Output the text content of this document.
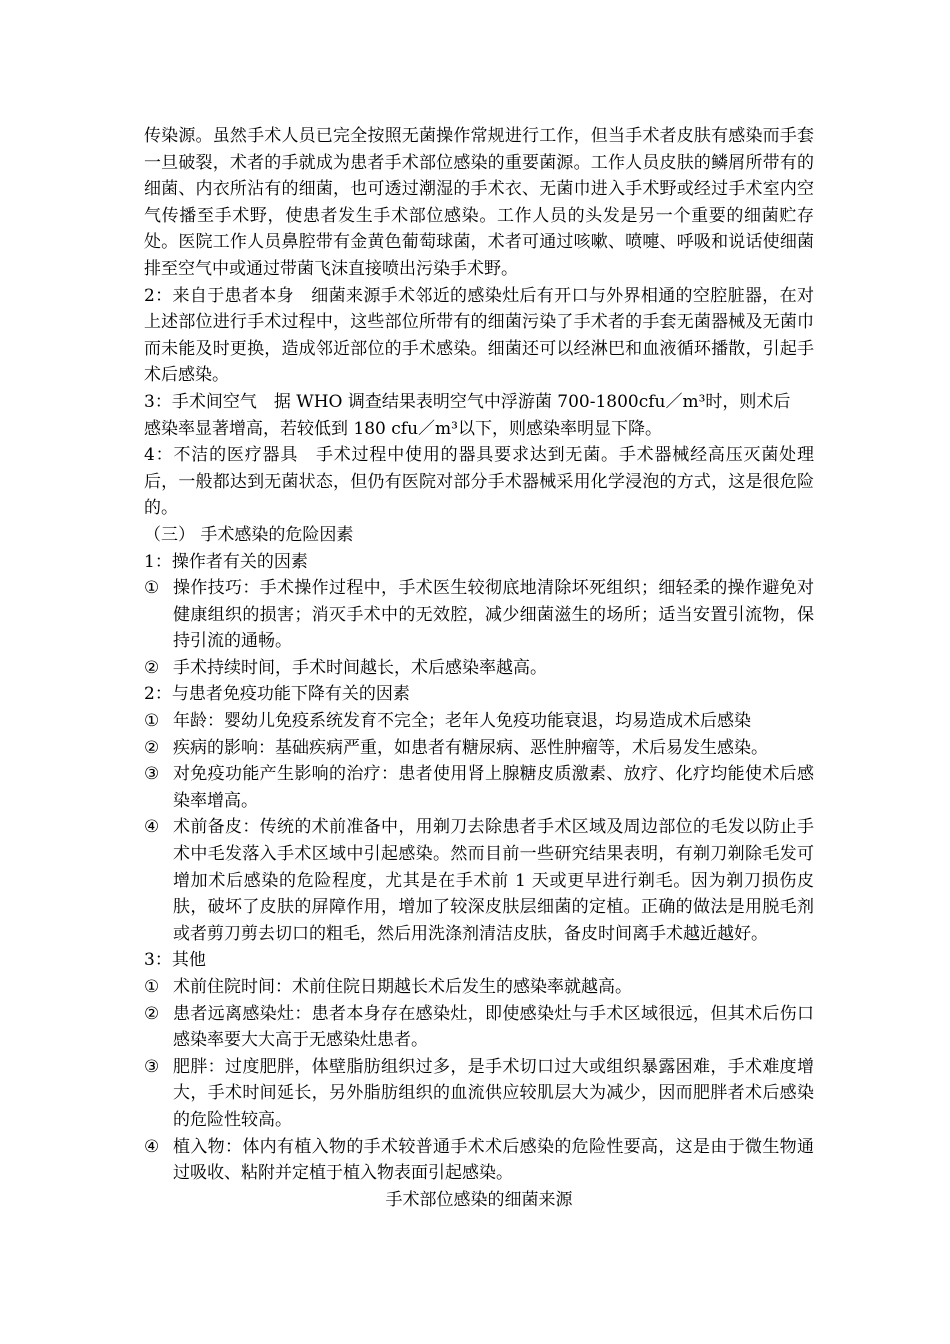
传染源。虽然手术人员已完全按照无菌操作常规进行工作，但当手术者皮肤有感染而手套一旦破裂，术者的手就成为患者手术部位感染的重要菌源。工作人员皮肤的鳞屑所带有的细菌、内衣所沾有的细菌，也可透过潮湿的手术衣、无菌巾进入手术野或经过手术室内空气传播至手术野，使患者发生手术部位感染。工作人员的头发是另一个重要的细菌贮存处。医院工作人员鼻腔带有金黄色葡萄球菌，术者可通过咳嗽、喷嚏、呼吸和说话使细菌排至空气中或通过带菌飞沫直接喷出污染手术野。

2：来自于患者本身　细菌来源手术邻近的感染灶后有开口与外界相通的空腔脏器，在对上述部位进行手术过程中，这些部位所带有的细菌污染了手术者的手套无菌器械及无菌巾而未能及时更换，造成邻近部位的手术感染。细菌还可以经淋巴和血液循环播散，引起手术后感染。

3：手术间空气　据 WHO 调查结果表明空气中浮游菌 700-1800cfu／m³时，则术后

感染率显著增高，若较低到 180 cfu／m³以下，则感染率明显下降。

4：不洁的医疗器具　手术过程中使用的器具要求达到无菌。手术器械经高压灭菌处理后，一般都达到无菌状态，但仍有医院对部分手术器械采用化学浸泡的方式，这是很危险的。

（三） 手术感染的危险因素

1：操作者有关的因素

① 操作技巧：手术操作过程中，手术医生较彻底地清除坏死组织；细轻柔的操作避免对健康组织的损害；消灭手术中的无效腔，减少细菌滋生的场所；适当安置引流物，保持引流的通畅。
② 手术持续时间，手术时间越长，术后感染率越高。

2：与患者免疫功能下降有关的因素

① 年龄：婴幼儿免疫系统发育不完全；老年人免疫功能衰退，均易造成术后感染
② 疾病的影响：基础疾病严重，如患者有糖尿病、恶性肿瘤等，术后易发生感染。
③ 对免疫功能产生影响的治疗：患者使用肾上腺糖皮质激素、放疗、化疗均能使术后感染率增高。
④ 术前备皮：传统的术前准备中，用剃刀去除患者手术区域及周边部位的毛发以防止手术中毛发落入手术区域中引起感染。然而目前一些研究结果表明，有剃刀剃除毛发可增加术后感染的危险程度，尤其是在手术前 1 天或更早进行剃毛。因为剃刀损伤皮肤，破坏了皮肤的屏障作用，增加了较深皮肤层细菌的定植。正确的做法是用脱毛剂或者剪刀剪去切口的粗毛，然后用洗涤剂清洁皮肤，备皮时间离手术越近越好。

3：其他

① 术前住院时间：术前住院日期越长术后发生的感染率就越高。
② 患者远离感染灶：患者本身存在感染灶，即使感染灶与手术区域很远，但其术后伤口感染率要大大高于无感染灶患者。
③ 肥胖：过度肥胖，体壁脂肪组织过多，是手术切口过大或组织暴露困难，手术难度增大，手术时间延长，另外脂肪组织的血流供应较肌层大为减少，因而肥胖者术后感染的危险性较高。
④ 植入物：体内有植入物的手术较普通手术术后感染的危险性要高，这是由于微生物通过吸收、粘附并定植于植入物表面引起感染。

手术部位感染的细菌来源
